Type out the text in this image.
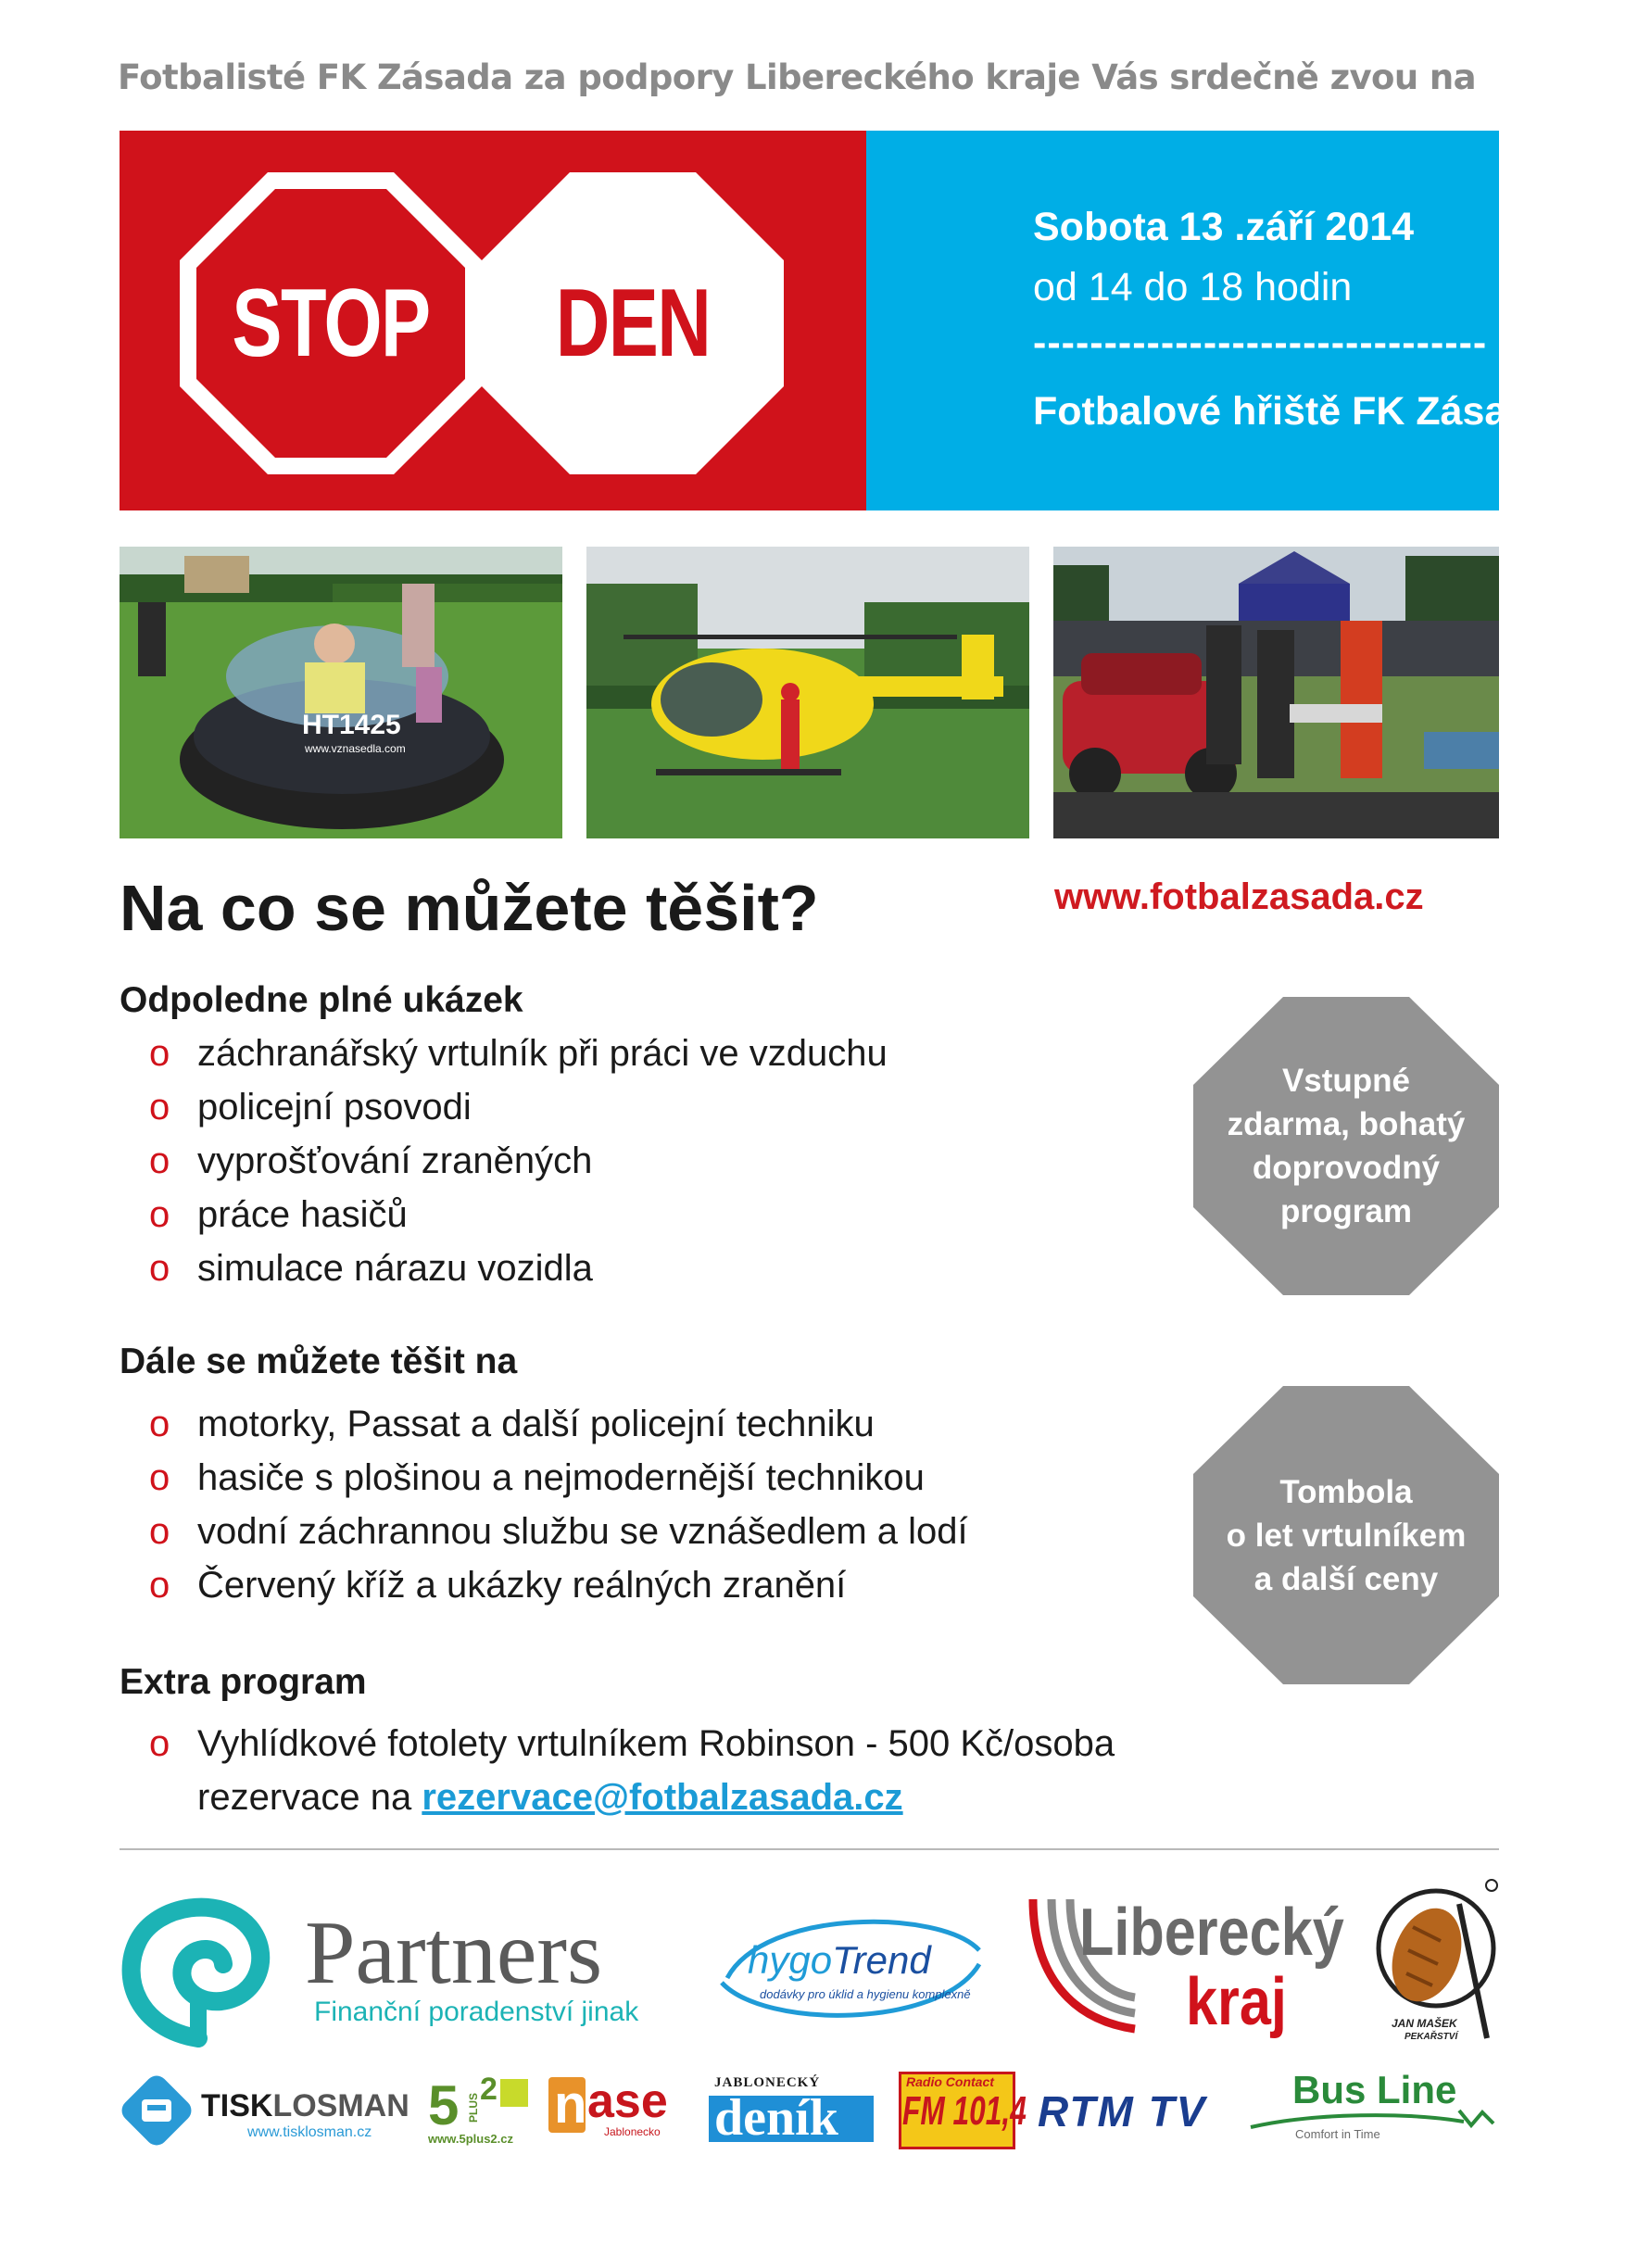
Fotbalisté FK Zásada za podpory Libereckého kraje Vás srdečně zvou na
STOP	DEN
Sobota 13 .září 2014
od 14 do 18 hodin
--------------------------------
Fotbalové hřiště FK Zásada
HT1425
www.vznasedla.com
Na co se můžete těšit?	www.fotbalzasada.cz
Odpoledne plné ukázek
o záchranářský vrtulník při práci ve vzduchu
o policejní psovodi
o vyprošťování zraněných
o práce hasičů
o simulace nárazu vozidla
Dále se můžete těšit na
o motorky, Passat a další policejní techniku
o hasiče s plošinou a nejmodernější technikou
o vodní záchrannou službu se vznášedlem a lodí
o Červený kříž a ukázky reálných zranění
Extra program
o Vyhlídkové fotolety vrtulníkem Robinson - 500 Kč/osoba
rezervace na rezervace@fotbalzasada.cz
Vstupné
zdarma, bohatý
doprovodný
program
Tombola
o let vrtulníkem
a další ceny
Partners
Finanční poradenství jinak
hygoTrend
dodávky pro úklid a hygienu komplexně
Liberecký
kraj	JAN MAŠEK
PEKAŘSTVÍ
TISKLOSMAN
www.tisklosman.cz 5 PLUS
2
www.5plus2.cz
n ase
Jablonecko
JABLONECKÝ
deník
Radio Contact
FM 101,4 RTM TV Bus Line
Comfort in Time
